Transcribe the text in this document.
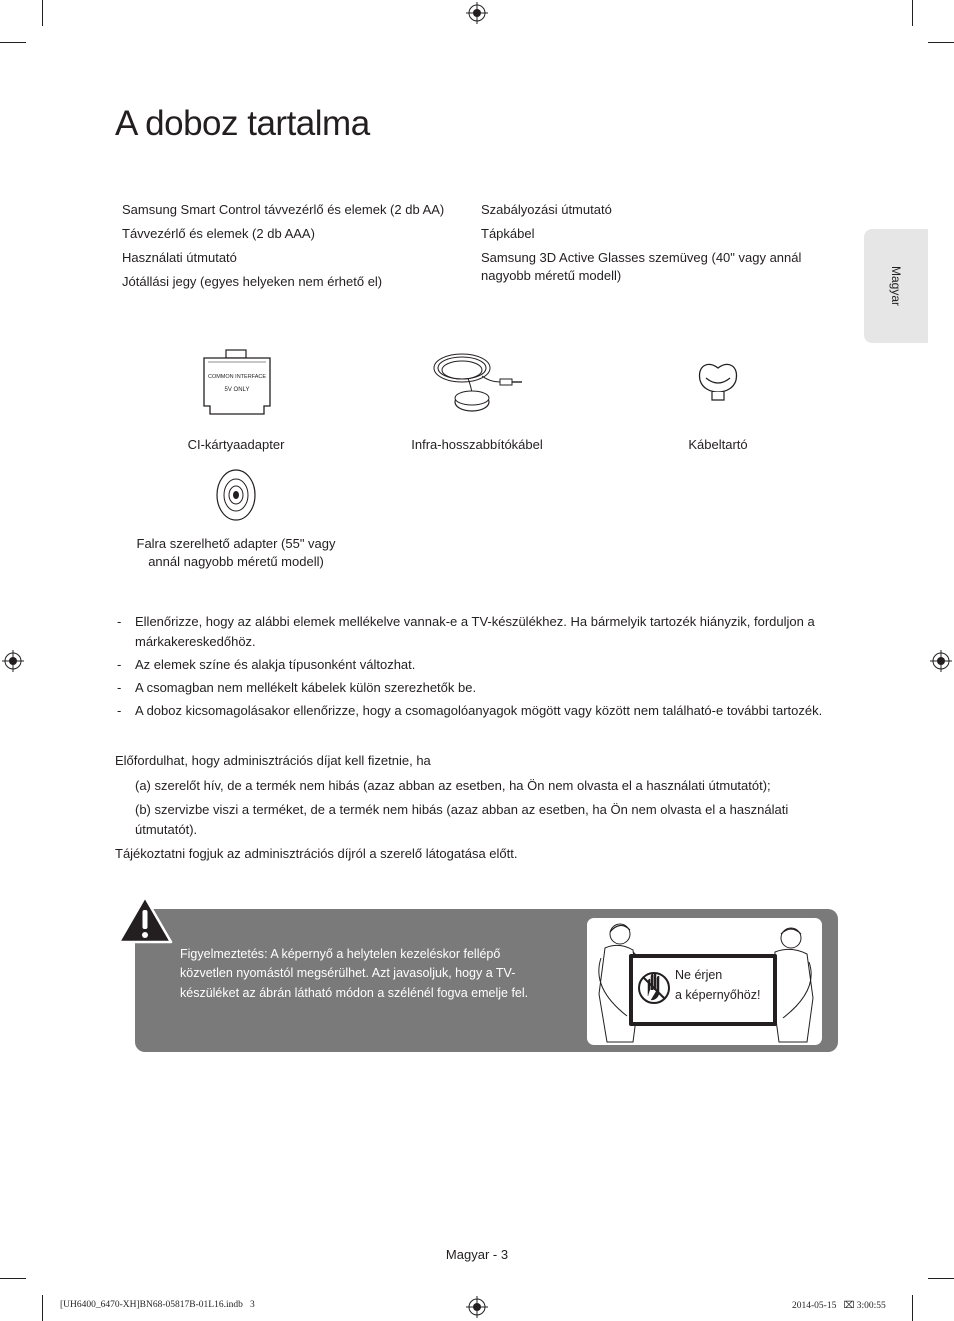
A doboz tartalma
Magyar
Samsung Smart Control távvezérlő és elemek (2 db AA)
Távvezérlő és elemek (2 db AAA)
Használati útmutató
Jótállási jegy (egyes helyeken nem érhető el)
Szabályozási útmutató
Tápkábel
Samsung 3D Active Glasses szemüveg (40" vagy annál nagyobb méretű modell)
COMMON INTERFACE
5V ONLY
CI-kártyaadapter	Infra-hosszabbítókábel	Kábeltartó
Falra szerelhető adapter (55" vagy annál nagyobb méretű modell)
- Ellenőrizze, hogy az alábbi elemek mellékelve vannak-e a TV-készülékhez. Ha bármelyik tartozék hiányzik, forduljon a márkakereskedőhöz.
- Az elemek színe és alakja típusonként változhat.
- A csomagban nem mellékelt kábelek külön szerezhetők be.
- A doboz kicsomagolásakor ellenőrizze, hogy a csomagolóanyagok mögött vagy között nem található-e további tartozék.
Előfordulhat, hogy adminisztrációs díjat kell fizetnie, ha
(a) szerelőt hív, de a termék nem hibás (azaz abban az esetben, ha Ön nem olvasta el a használati útmutatót);
(b) szervizbe viszi a terméket, de a termék nem hibás (azaz abban az esetben, ha Ön nem olvasta el a használati útmutatót).
Tájékoztatni fogjuk az adminisztrációs díjról a szerelő látogatása előtt.
Figyelmeztetés: A képernyő a helytelen kezeléskor fellépő közvetlen nyomástól megsérülhet. Azt javasoljuk, hogy a TV-készüléket az ábrán látható módon a szélénél fogva emelje fel.
Ne érjen
a képernyőhöz!
Magyar - 3
[UH6400_6470-XH]BN68-05817B-01L16.indb   3	2014-05-15   ⌧ 3:00:55
